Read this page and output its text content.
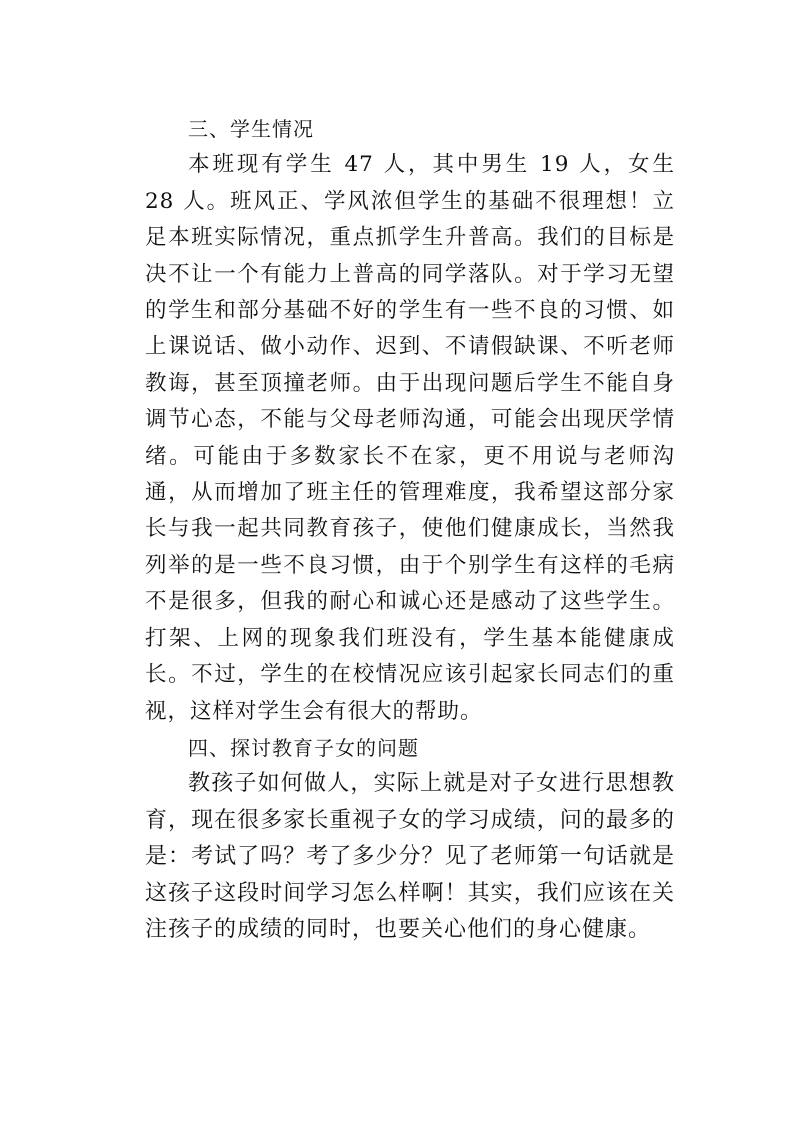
三、学生情况

本班现有学生 47 人，其中男生 19 人，女生 28 人。班风正、学风浓但学生的基础不很理想！立足本班实际情况，重点抓学生升普高。我们的目标是决不让一个有能力上普高的同学落队。对于学习无望的学生和部分基础不好的学生有一些不良的习惯、如上课说话、做小动作、迟到、不请假缺课、不听老师教诲，甚至顶撞老师。由于出现问题后学生不能自身调节心态，不能与父母老师沟通，可能会出现厌学情绪。可能由于多数家长不在家，更不用说与老师沟通，从而增加了班主任的管理难度，我希望这部分家长与我一起共同教育孩子，使他们健康成长，当然我列举的是一些不良习惯，由于个别学生有这样的毛病不是很多，但我的耐心和诚心还是感动了这些学生。打架、上网的现象我们班没有，学生基本能健康成长。不过，学生的在校情况应该引起家长同志们的重视，这样对学生会有很大的帮助。

四、探讨教育子女的问题

教孩子如何做人，实际上就是对子女进行思想教育，现在很多家长重视子女的学习成绩，问的最多的是：考试了吗？考了多少分？见了老师第一句话就是这孩子这段时间学习怎么样啊！其实，我们应该在关注孩子的成绩的同时，也要关心他们的身心健康。
